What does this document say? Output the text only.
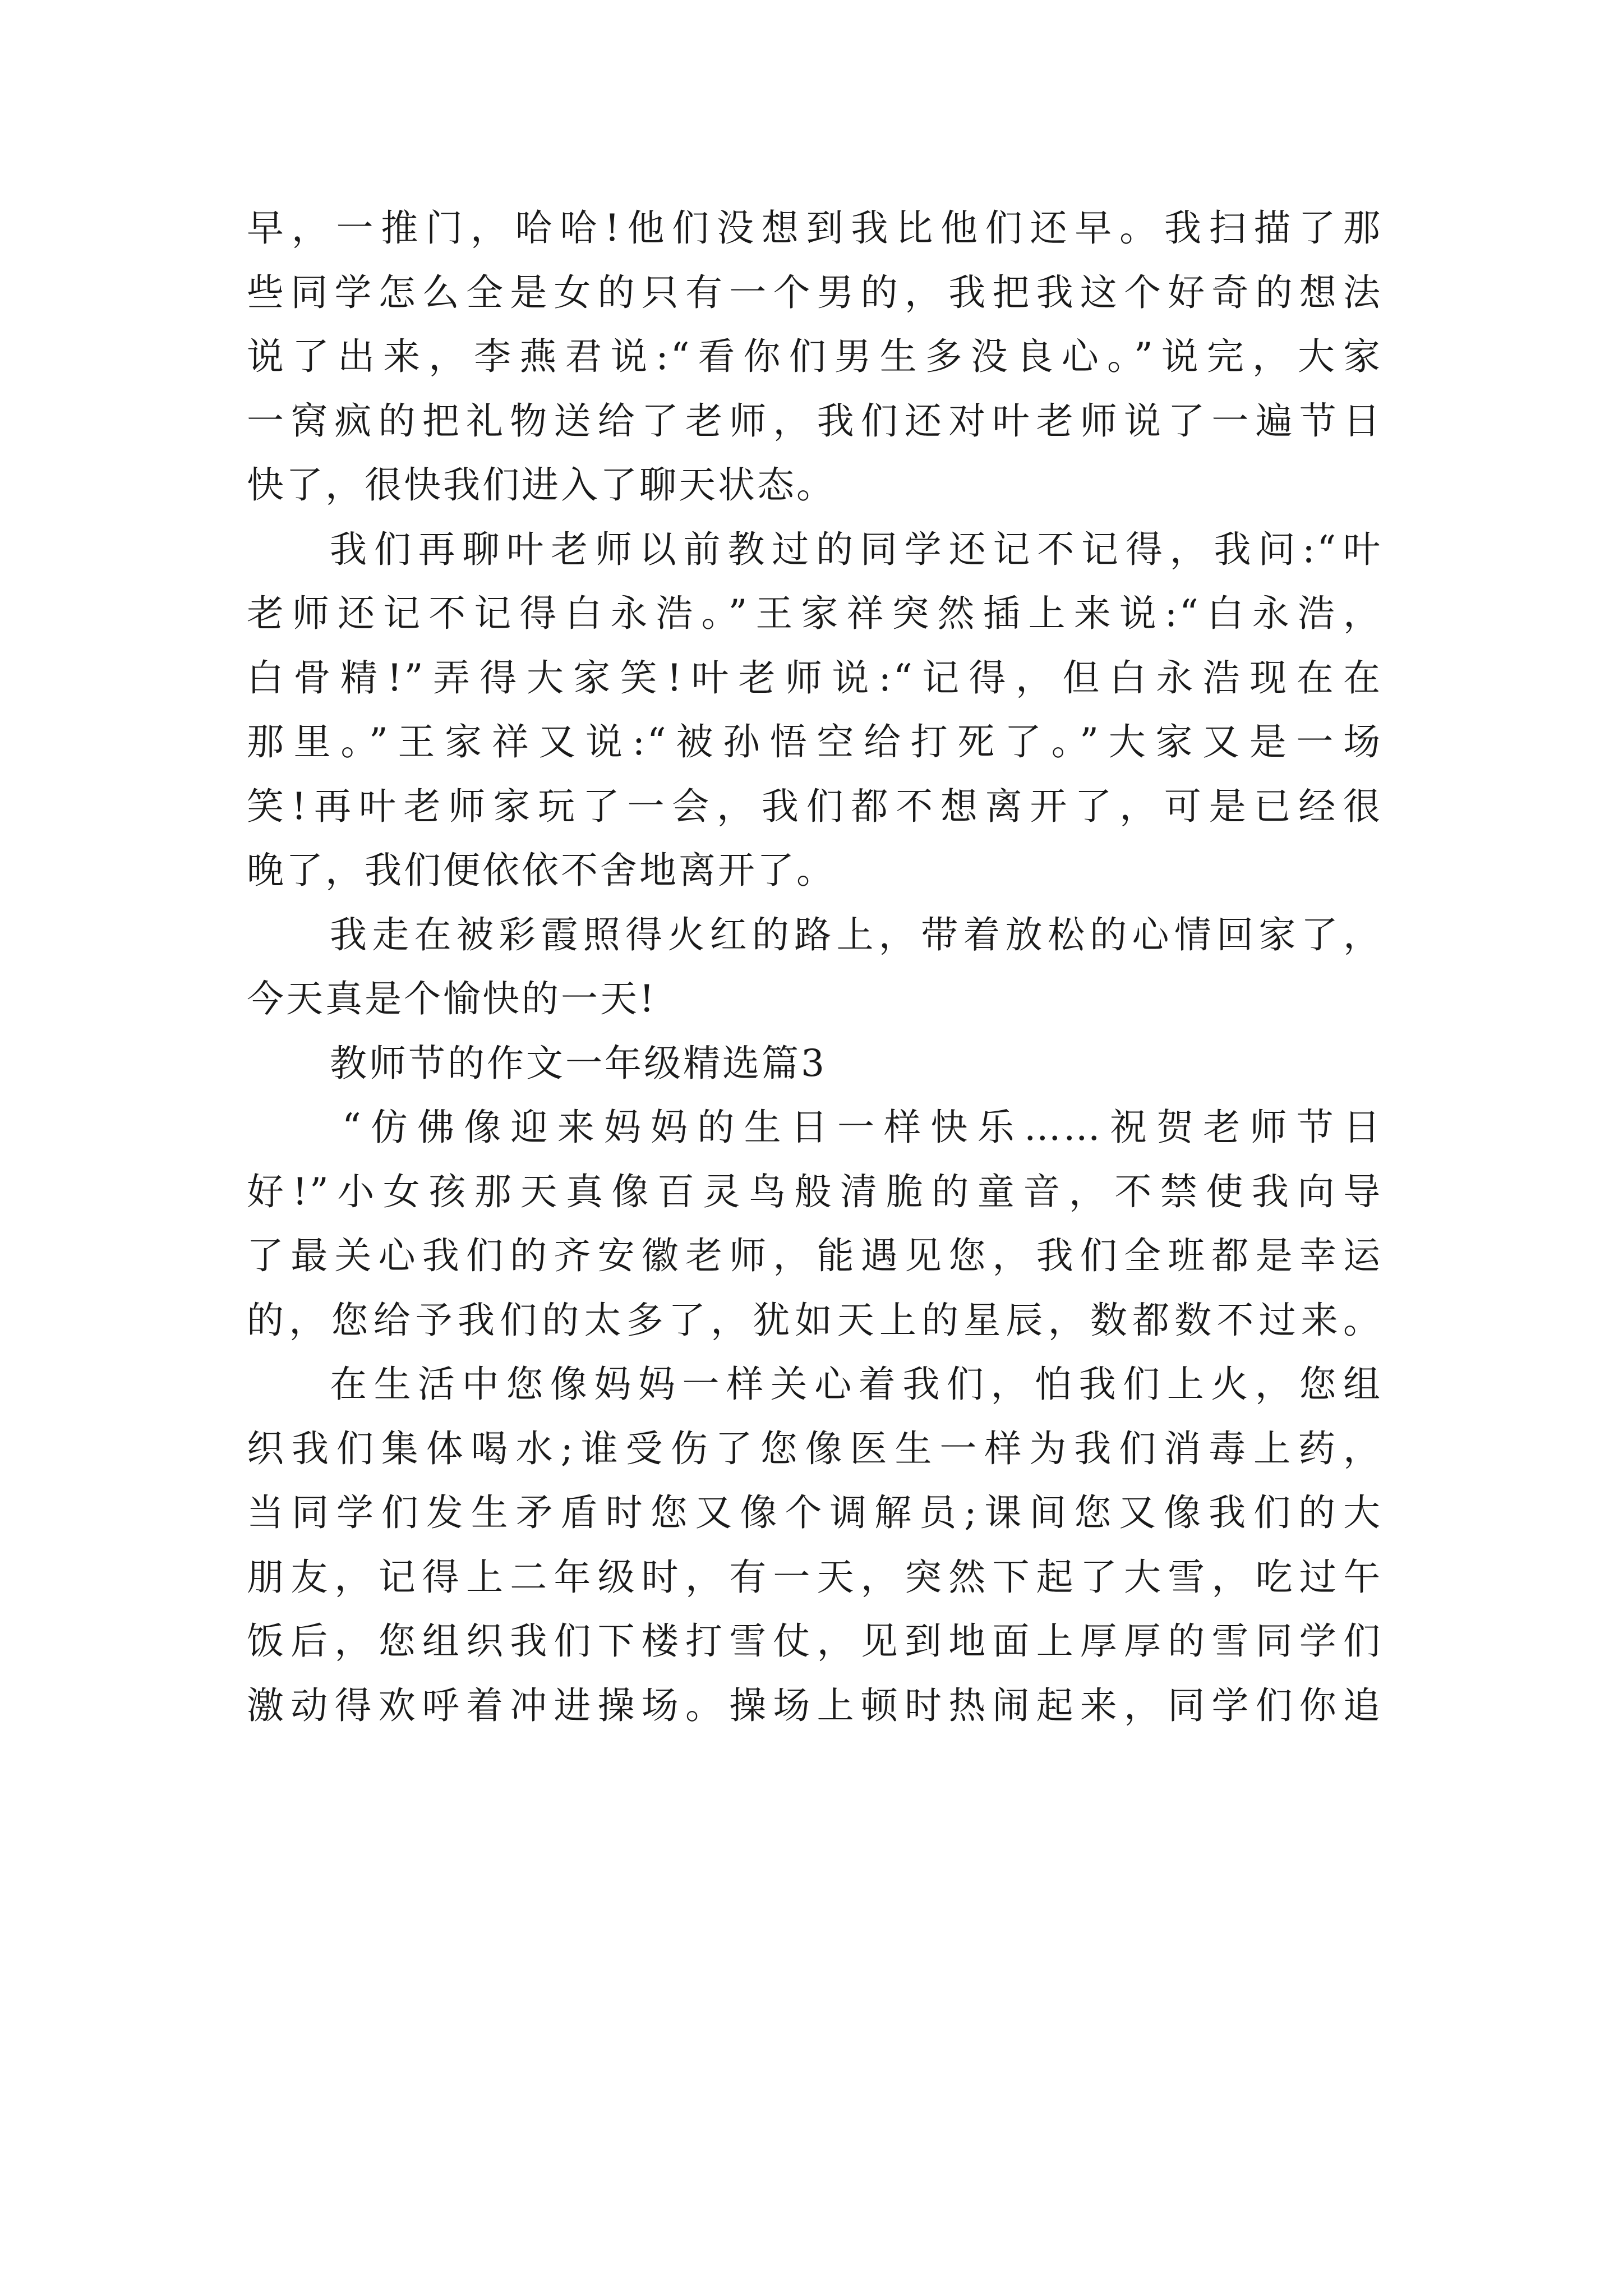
早，一推门，哈哈!他们没想到我比他们还早。我扫描了那
些同学怎么全是女的只有一个男的，我把我这个好奇的想法
说了出来，李燕君说:“看你们男生多没良心。”说完，大家
一窝疯的把礼物送给了老师，我们还对叶老师说了一遍节日
快了，很快我们进入了聊天状态。
我们再聊叶老师以前教过的同学还记不记得，我问:“叶
老师还记不记得白永浩。”王家祥突然插上来说:“白永浩，
白骨精!”弄得大家笑!叶老师说:“记得，但白永浩现在在
那里。”王家祥又说:“被孙悟空给打死了。”大家又是一场
笑!再叶老师家玩了一会，我们都不想离开了，可是已经很
晚了，我们便依依不舍地离开了。
我走在被彩霞照得火红的路上，带着放松的心情回家了，
今天真是个愉快的一天!
教师节的作文一年级精选篇3
“仿佛像迎来妈妈的生日一样快乐……祝贺老师节日
好!”小女孩那天真像百灵鸟般清脆的童音，不禁使我向导
了最关心我们的齐安徽老师，能遇见您，我们全班都是幸运
的，您给予我们的太多了，犹如天上的星辰，数都数不过来。
在生活中您像妈妈一样关心着我们，怕我们上火，您组
织我们集体喝水;谁受伤了您像医生一样为我们消毒上药，
当同学们发生矛盾时您又像个调解员;课间您又像我们的大
朋友，记得上二年级时，有一天，突然下起了大雪，吃过午
饭后，您组织我们下楼打雪仗，见到地面上厚厚的雪同学们
激动得欢呼着冲进操场。操场上顿时热闹起来，同学们你追
